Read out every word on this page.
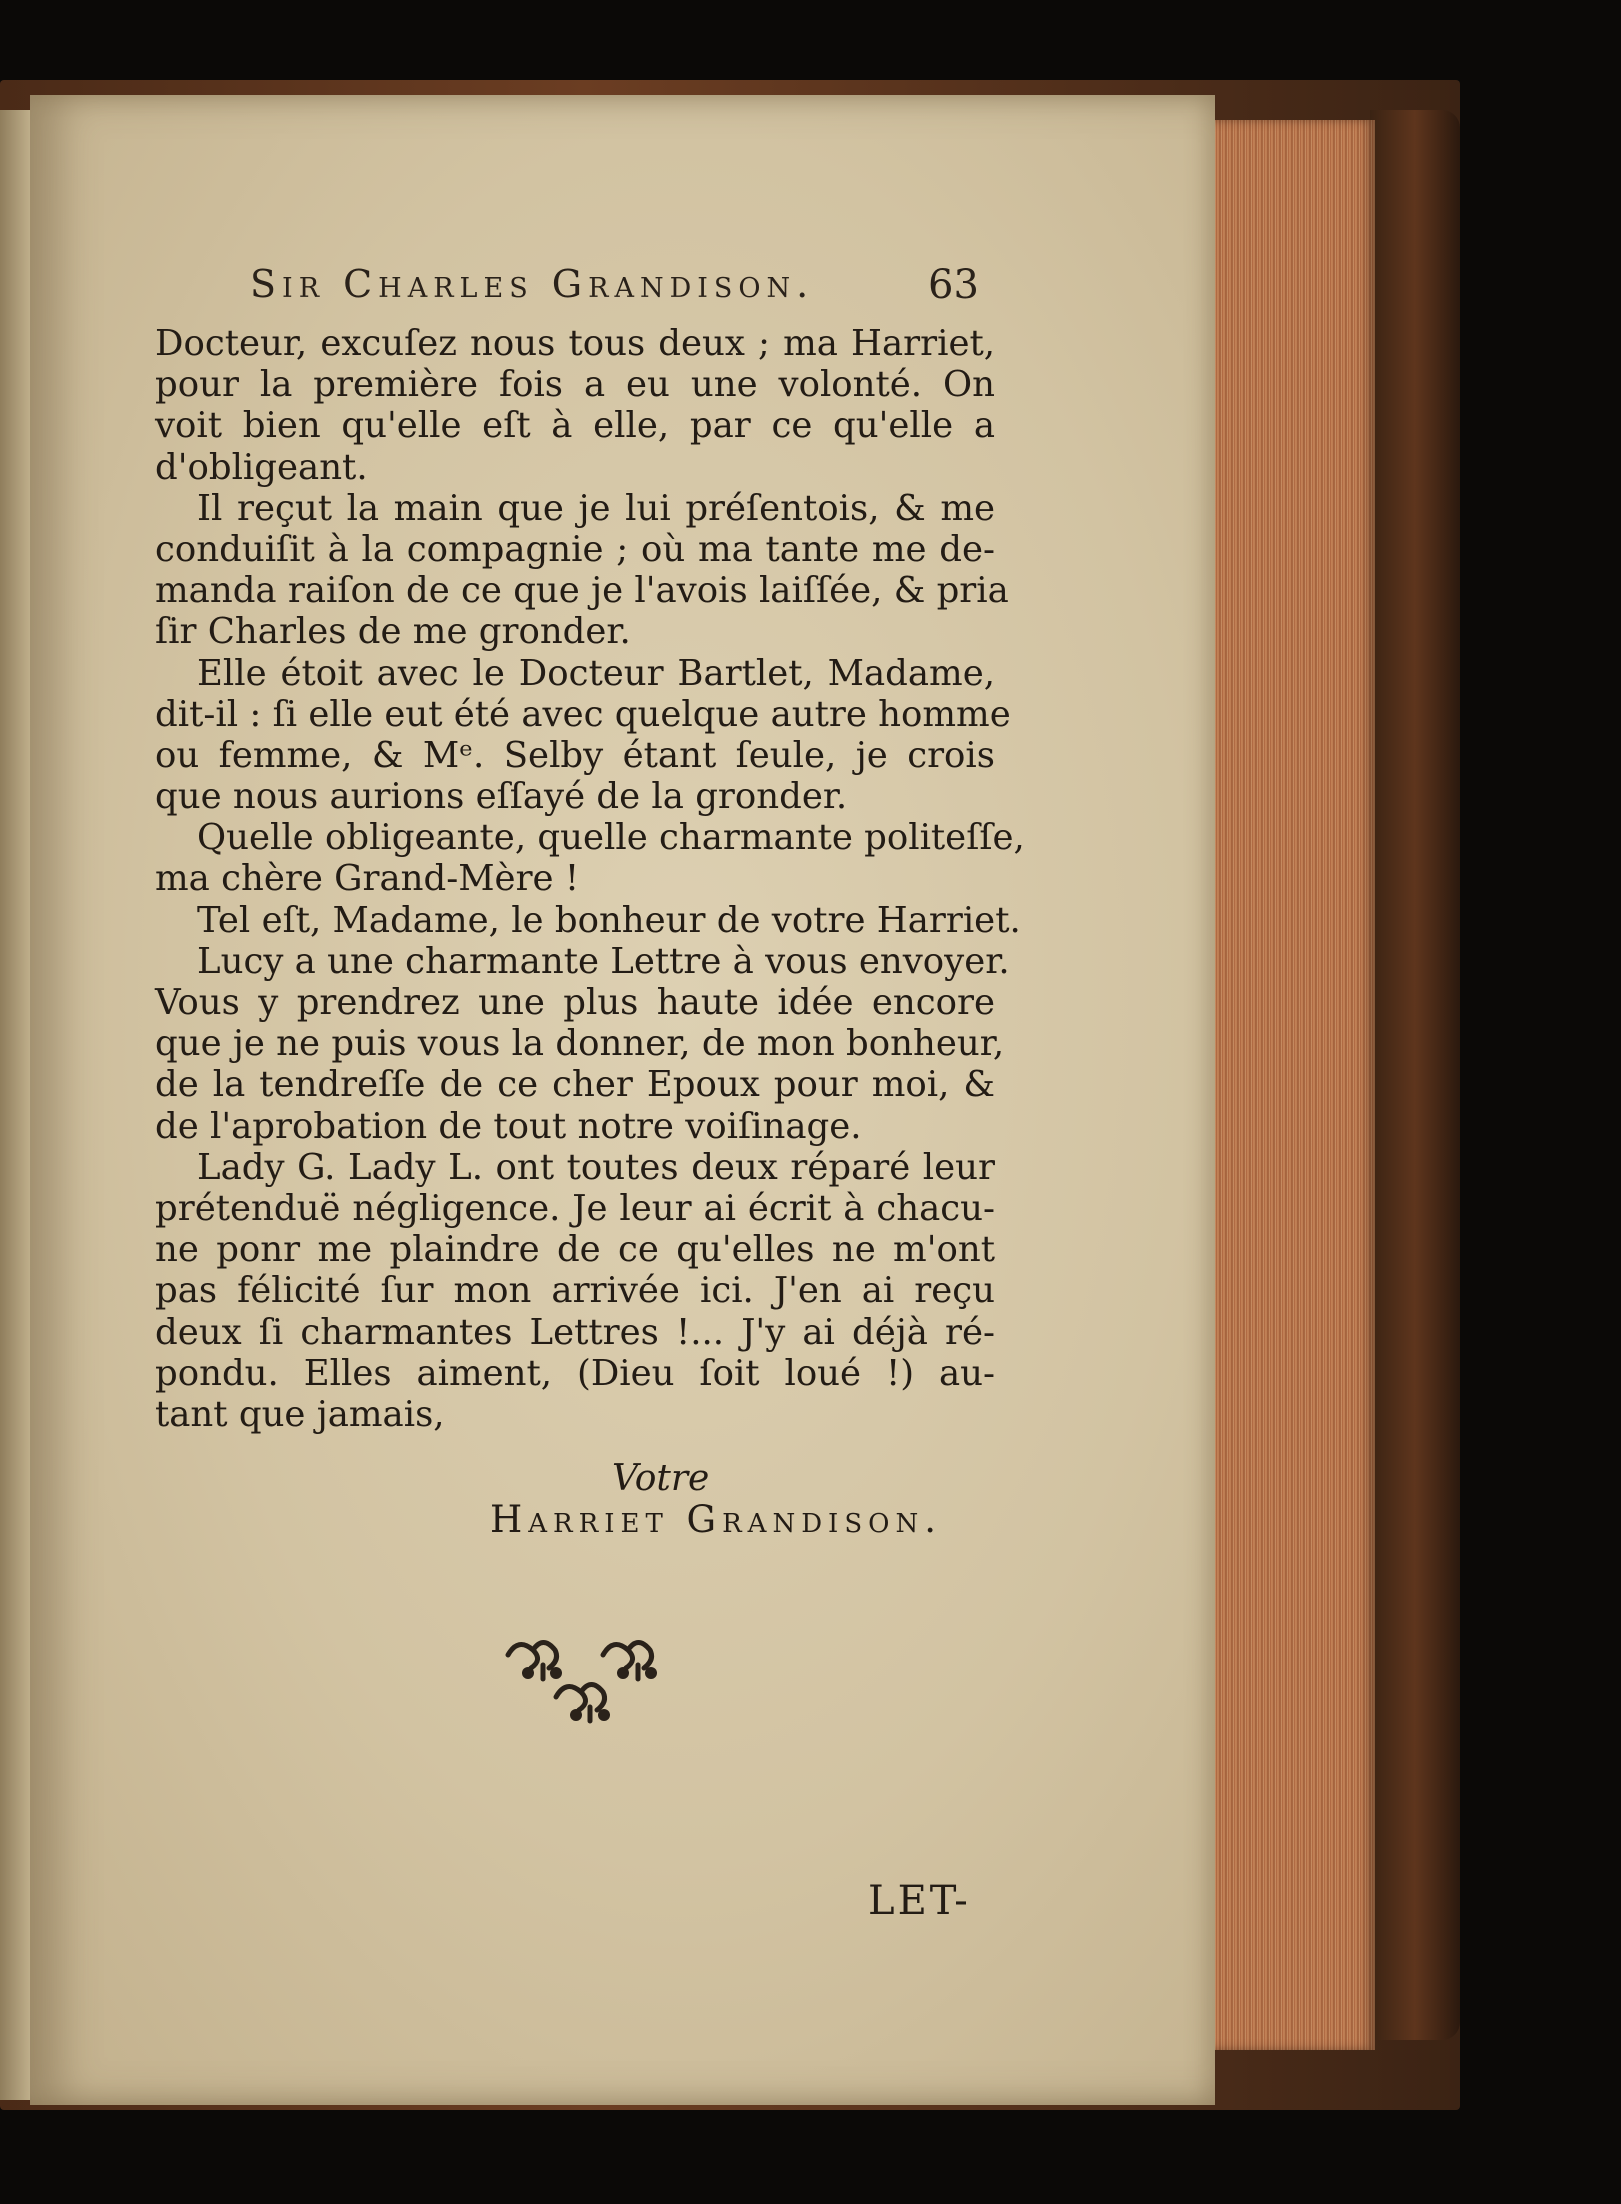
Sir Charles Grandison.	63
Docteur, excuſez nous tous deux ; ma Harriet,
pour la première fois a eu une volonté. On
voit bien qu'elle eſt à elle, par ce qu'elle a
d'obligeant.
Il reçut la main que je lui préſentois, & me
conduiſit à la compagnie ; où ma tante me de-
manda raiſon de ce que je l'avois laiſſée, & pria
ſir Charles de me gronder.
Elle étoit avec le Docteur Bartlet, Madame,
dit-il : ſi elle eut été avec quelque autre homme
ou femme, & Mᵉ. Selby étant ſeule, je crois
que nous aurions eſſayé de la gronder.
Quelle obligeante, quelle charmante politeſſe,
ma chère Grand-Mère !
Tel eſt, Madame, le bonheur de votre Harriet.
Lucy a une charmante Lettre à vous envoyer.
Vous y prendrez une plus haute idée encore
que je ne puis vous la donner, de mon bonheur,
de la tendreſſe de ce cher Epoux pour moi, &
de l'aprobation de tout notre voiſinage.
Lady G. Lady L. ont toutes deux réparé leur
prétenduë négligence. Je leur ai écrit à chacu-
ne ponr me plaindre de ce qu'elles ne m'ont
pas félicité ſur mon arrivée ici. J'en ai reçu
deux ſi charmantes Lettres !... J'y ai déjà ré-
pondu. Elles aiment, (Dieu ſoit loué !) au-
tant que jamais,
Votre
Harriet Grandison.
LET-
